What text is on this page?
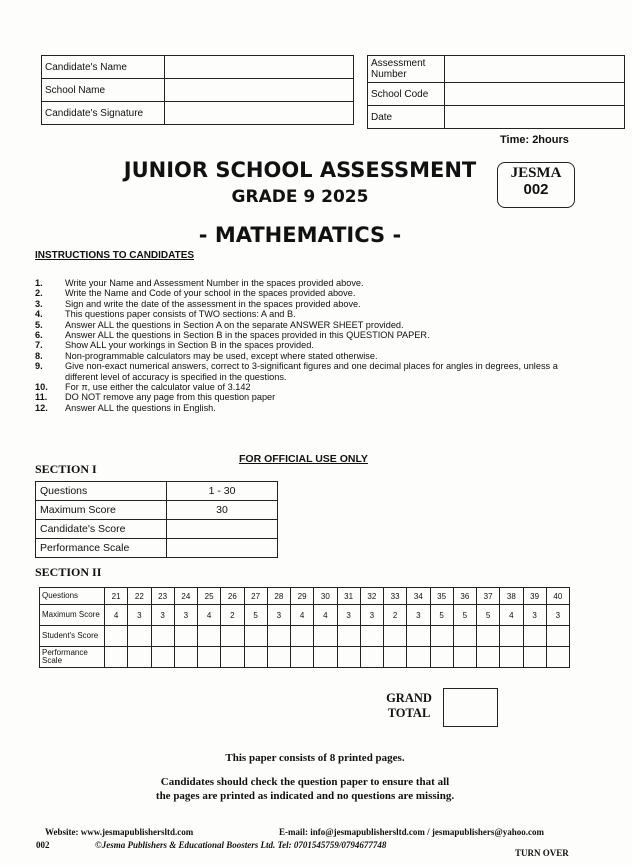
Candidate's Name	
School Name	
Candidate's Signature	
Assessment Number	
School Code	
Date	
Time: 2hours
JUNIOR SCHOOL ASSESSMENT
GRADE 9 2025
- MATHEMATICS -
JESMA
002
INSTRUCTIONS TO CANDIDATES
1.	Write your Name and Assessment Number in the spaces provided above.
2.	Write the Name and Code of your school in the spaces provided above.
3.	Sign and write the date of the assessment in the spaces provided above.
4.	This questions paper consists of TWO sections: A and B.
5.	Answer ALL the questions in Section A on the separate ANSWER SHEET provided.
6.	Answer ALL the questions in Section B in the spaces provided in this QUESTION PAPER.
7.	Show ALL your workings in Section B in the spaces provided.
8.	Non-programmable calculators may be used, except where stated otherwise.
9.	Give non-exact numerical answers, correct to 3-significant figures and one decimal places for angles in degrees, unless a different level of accuracy is specified in the questions.
10.	For π, use either the calculator value of 3.142
11.	DO NOT remove any page from this question paper
12.	Answer ALL the questions in English.
FOR OFFICIAL USE ONLY
SECTION I
Questions	1 - 30
Maximum Score	30
Candidate's Score	
Performance Scale	
SECTION II
Questions	21	22	23	24	25	26	27	28	29	30	31	32	33	34	35	36	37	38	39	40
Maximum Score	4	3	3	3	4	2	5	3	4	4	3	3	2	3	5	5	5	4	3	3
Student's Score																				
Performance Scale																				
GRAND TOTAL
This paper consists of 8 printed pages.
Candidates should check the question paper to ensure that all
the pages are printed as indicated and no questions are missing.
Website: www.jesmapublishersltd.com	E-mail: info@jesmapublishersltd.com / jesmapublishers@yahoo.com
002	©Jesma Publishers & Educational Boosters Ltd. Tel: 0701545759/0794677748
TURN OVER
